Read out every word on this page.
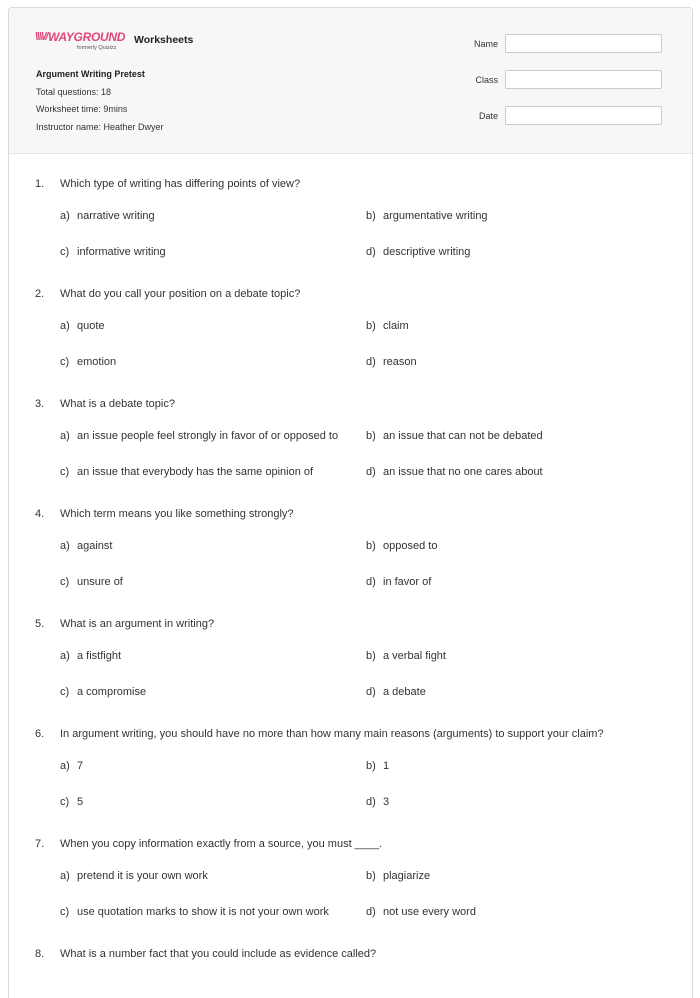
\\\\// WAYGROUND
formerly Quizizz
Worksheets
Argument Writing Pretest
Total questions: 18
Worksheet time: 9mins
Instructor name: Heather Dwyer
Name
Class
Date
1.	Which type of writing has differing points of view?
a) narrative writing	b) argumentative writing
c) informative writing	d) descriptive writing
2.	What do you call your position on a debate topic?
a) quote	b) claim
c) emotion	d) reason
3.	What is a debate topic?
a) an issue people feel strongly in favor of or opposed to	b) an issue that can not be debated
c) an issue that everybody has the same opinion of	d) an issue that no one cares about
4.	Which term means you like something strongly?
a) against	b) opposed to
c) unsure of	d) in favor of
5.	What is an argument in writing?
a) a fistfight	b) a verbal fight
c) a compromise	d) a debate
6.	In argument writing, you should have no more than how many main reasons (arguments) to support your claim?
a) 7	b) 1
c) 5	d) 3
7.	When you copy information exactly from a source, you must ____.
a) pretend it is your own work	b) plagiarize
c) use quotation marks to show it is not your own work	d) not use every word
8.	What is a number fact that you could include as evidence called?
